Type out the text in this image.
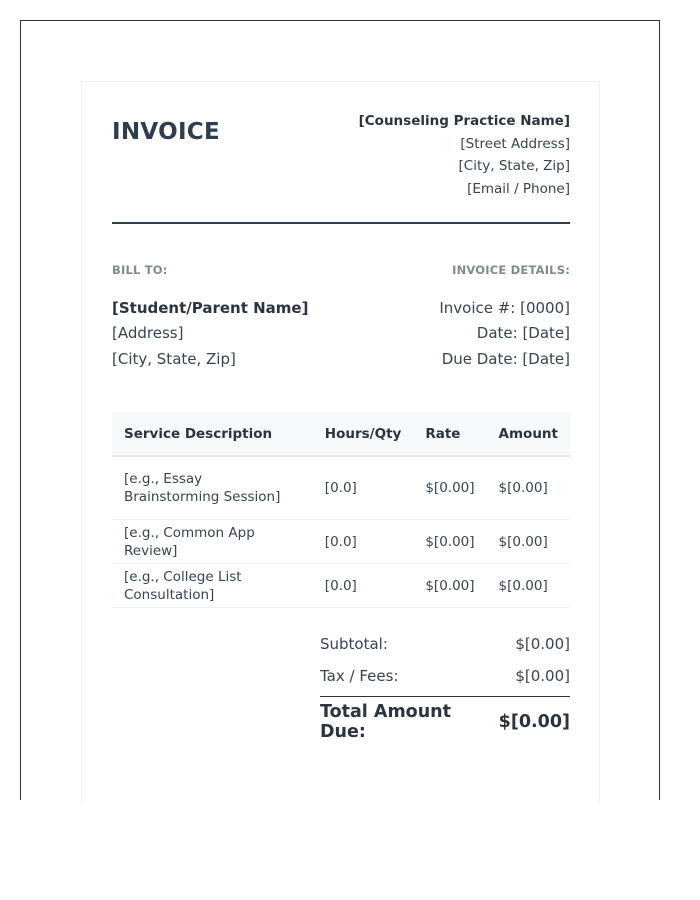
INVOICE	[Counseling Practice Name]
[Street Address]
[City, State, Zip]
[Email / Phone]
BILL TO:
[Student/Parent Name]
[Address]
[City, State, Zip]
INVOICE DETAILS:
Invoice #: [0000]
Date: [Date]
Due Date: [Date]
Service Description	Hours/Qty	Rate	Amount
[e.g., Essay Brainstorming Session]	[0.0]	$[0.00]	$[0.00]
[e.g., Common App Review]	[0.0]	$[0.00]	$[0.00]
[e.g., College List Consultation]	[0.0]	$[0.00]	$[0.00]
Subtotal:	$[0.00]
Tax / Fees:	$[0.00]
Total Amount Due:	$[0.00]
